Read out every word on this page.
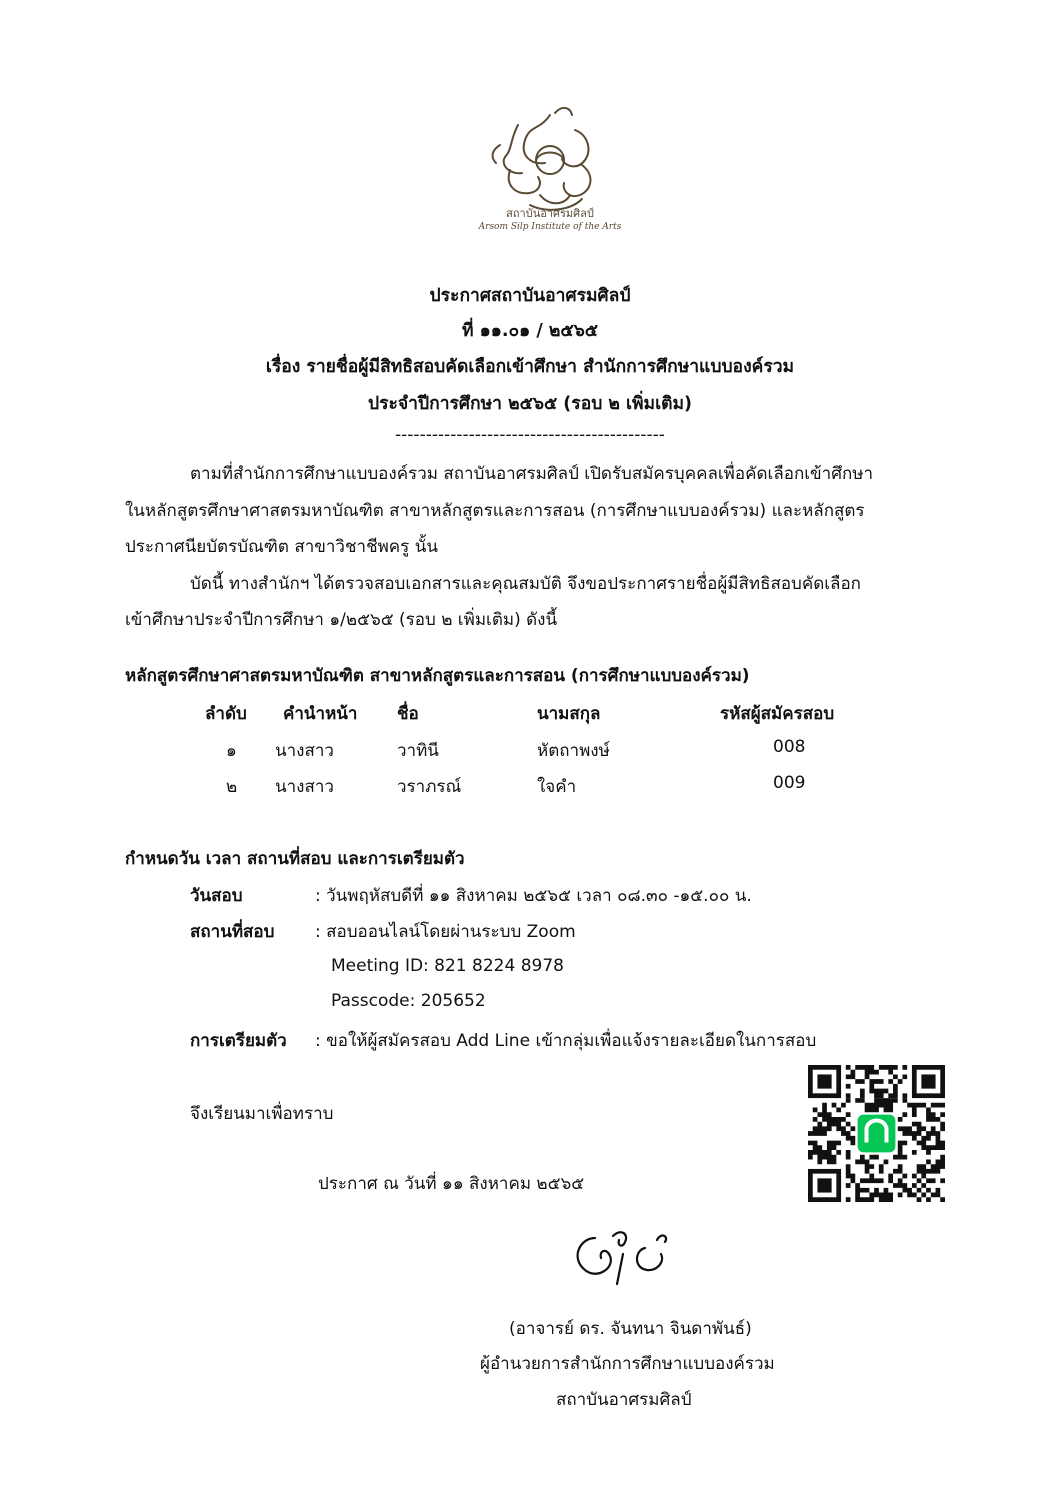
สถาบันอาศรมศิลป์
Arsom Silp Institute of the Arts
ประกาศสถาบันอาศรมศิลป์
ที่ ๑๑.๐๑ / ๒๕๖๕
เรื่อง รายชื่อผู้มีสิทธิสอบคัดเลือกเข้าศึกษา สำนักการศึกษาแบบองค์รวม
ประจำปีการศึกษา ๒๕๖๕ (รอบ ๒ เพิ่มเติม)
--------------------------------------------
ตามที่สำนักการศึกษาแบบองค์รวม สถาบันอาศรมศิลป์ เปิดรับสมัครบุคคลเพื่อคัดเลือกเข้าศึกษา
ในหลักสูตรศึกษาศาสตรมหาบัณฑิต สาขาหลักสูตรและการสอน (การศึกษาแบบองค์รวม) และหลักสูตร
ประกาศนียบัตรบัณฑิต สาขาวิชาชีพครู นั้น
บัดนี้ ทางสำนักฯ ได้ตรวจสอบเอกสารและคุณสมบัติ จึงขอประกาศรายชื่อผู้มีสิทธิสอบคัดเลือก
เข้าศึกษาประจำปีการศึกษา ๑/๒๕๖๕ (รอบ ๒ เพิ่มเติม) ดังนี้
หลักสูตรศึกษาศาสตรมหาบัณฑิต สาขาหลักสูตรและการสอน (การศึกษาแบบองค์รวม)
ลำดับ คำนำหน้า ชื่อ	นามสกุล	รหัสผู้สมัครสอบ
๑ นางสาว	วาทินี	หัตถาพงษ์	008
๒ นางสาว	วราภรณ์	ใจคำ	009
กำหนดวัน เวลา สถานที่สอบ และการเตรียมตัว
วันสอบ	: วันพฤหัสบดีที่ ๑๑ สิงหาคม ๒๕๖๕ เวลา ๐๘.๓๐ -๑๕.๐๐ น.
สถานที่สอบ : สอบออนไลน์โดยผ่านระบบ Zoom
Meeting ID: 821 8224 8978
Passcode: 205652
การเตรียมตัว : ขอให้ผู้สมัครสอบ Add Line เข้ากลุ่มเพื่อแจ้งรายละเอียดในการสอบ
จึงเรียนมาเพื่อทราบ
ประกาศ ณ วันที่ ๑๑ สิงหาคม ๒๕๖๕
(อาจารย์ ดร. จันทนา จินดาพันธ์)
ผู้อำนวยการสำนักการศึกษาแบบองค์รวม
สถาบันอาศรมศิลป์
